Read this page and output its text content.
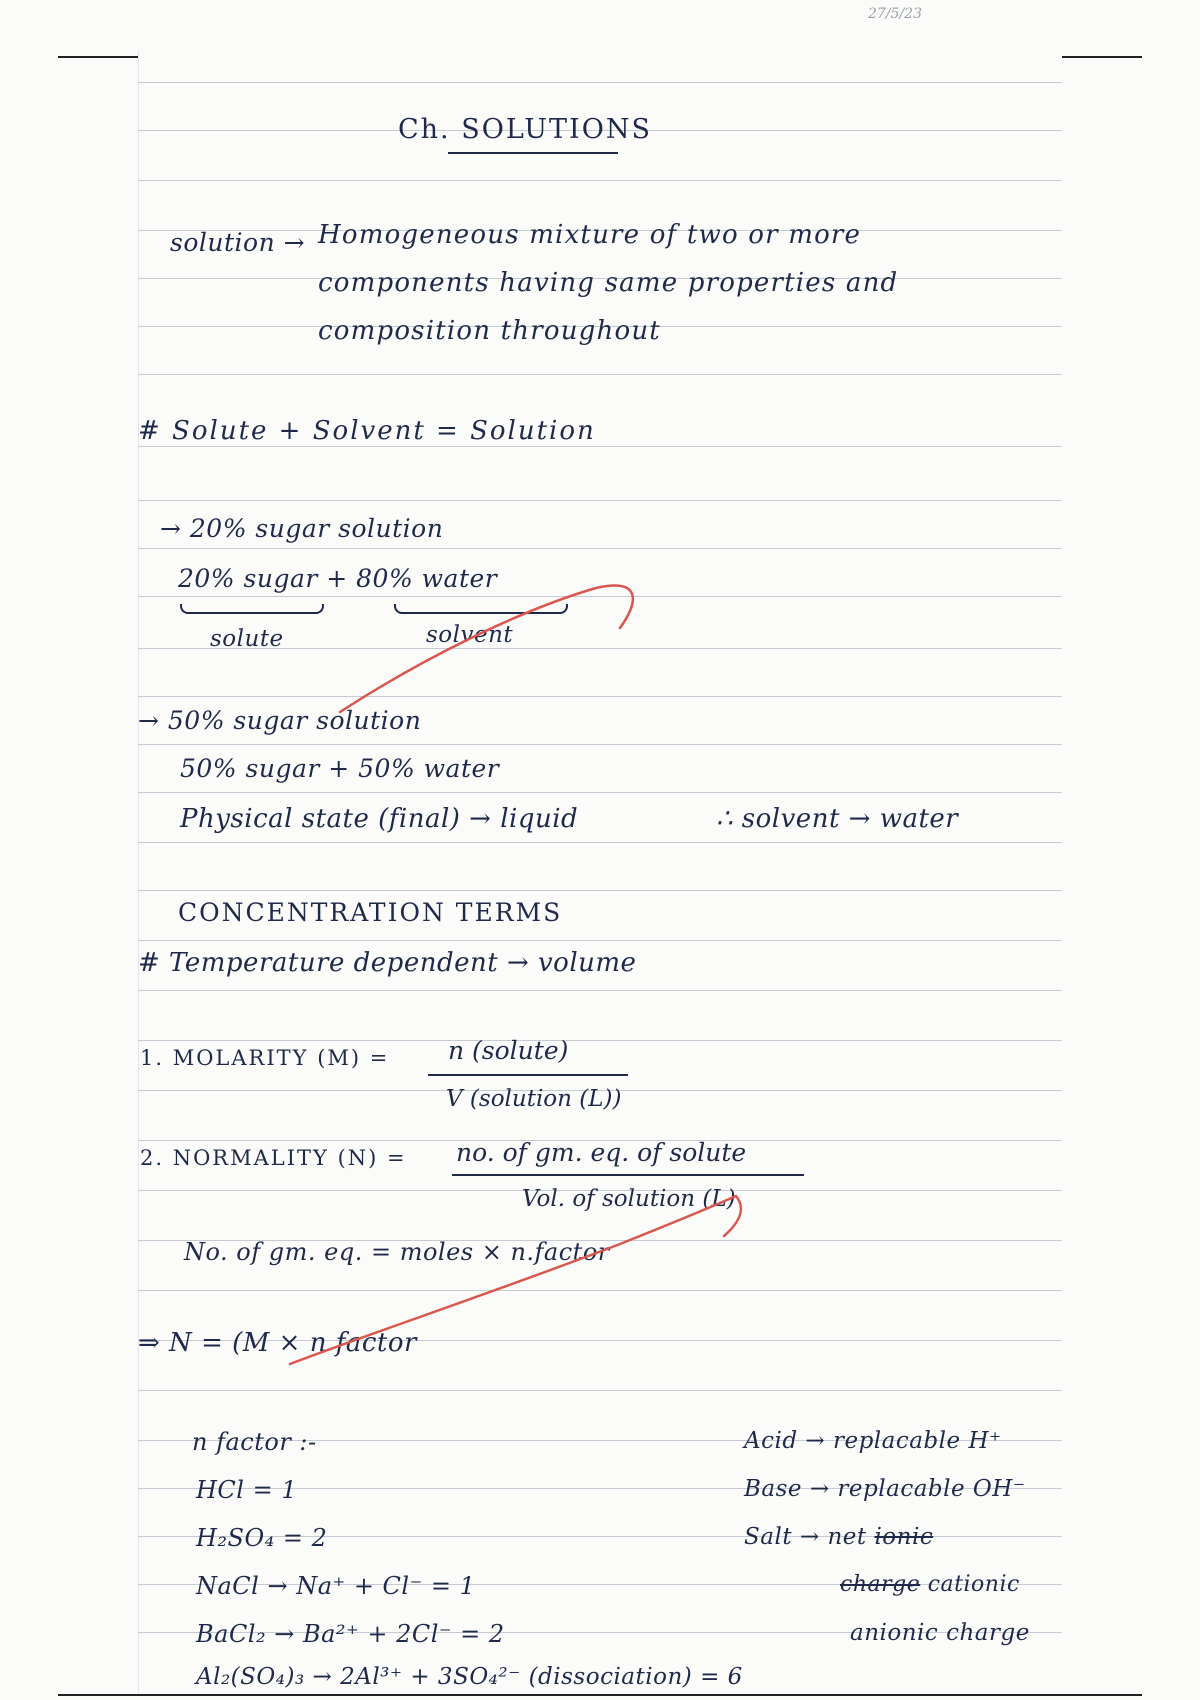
27/5/23
Ch. SOLUTIONS
solution → Homogeneous mixture of two or more
components having same properties and
composition throughout
# Solute + Solvent = Solution
→ 20% sugar solution
20% sugar + 80% water
solute	solvent
→ 50% sugar solution
50% sugar + 50% water
Physical state (final) → liquid	∴ solvent → water
CONCENTRATION TERMS
# Temperature dependent → volume
1. MOLARITY (M) = n (solute)
V (solution (L))
2. NORMALITY (N) = no. of gm. eq. of solute
Vol. of solution (L)
No. of gm. eq. = moles × n.factor
⇒ N = (M × n factor
n factor :-
HCl = 1
H₂SO₄ = 2
NaCl → Na⁺ + Cl⁻ = 1
BaCl₂ → Ba²⁺ + 2Cl⁻ = 2
Al₂(SO₄)₃ → 2Al³⁺ + 3SO₄²⁻ (dissociation) = 6
Acid → replacable H⁺
Base → replacable OH⁻
Salt → net ionic
charge cationic
anionic charge
